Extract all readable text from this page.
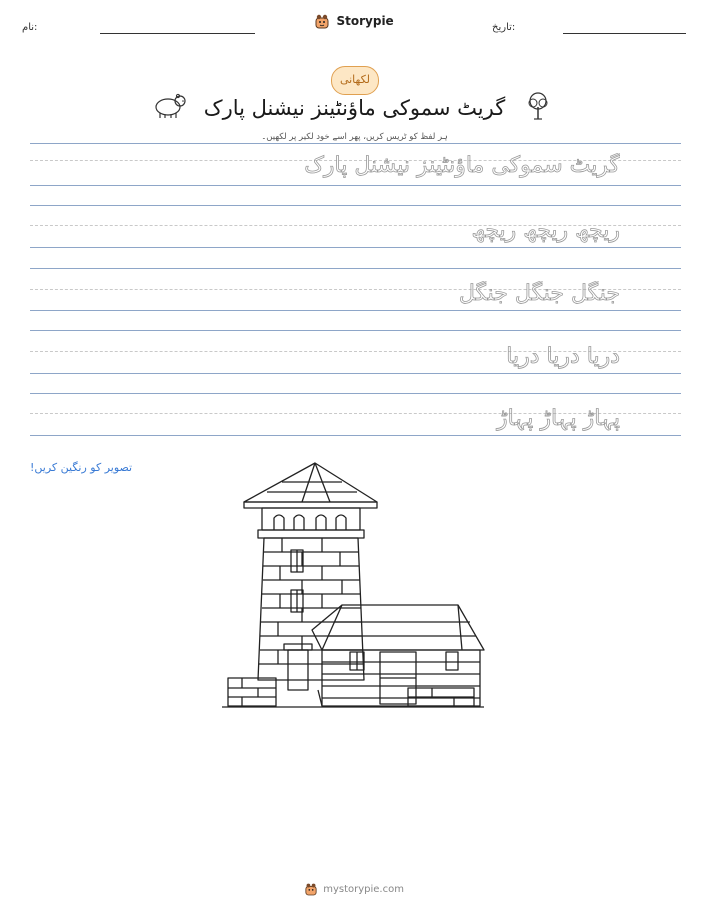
نام:	Storypie	تاریخ:
لکھانی
گریٹ سموکی ماؤنٹینز نیشنل پارک
ہر لفظ کو ٹریس کریں، پھر اسے خود لکیر پر لکھیں۔
گریٹ سموکی ماؤنٹینز نیشنل پارک
ریچھ ریچھ ریچھ
جنگل جنگل جنگل
دریا دریا دریا
پہاڑ پہاڑ پہاڑ
تصویر کو رنگین کریں!
mystorypie.com
